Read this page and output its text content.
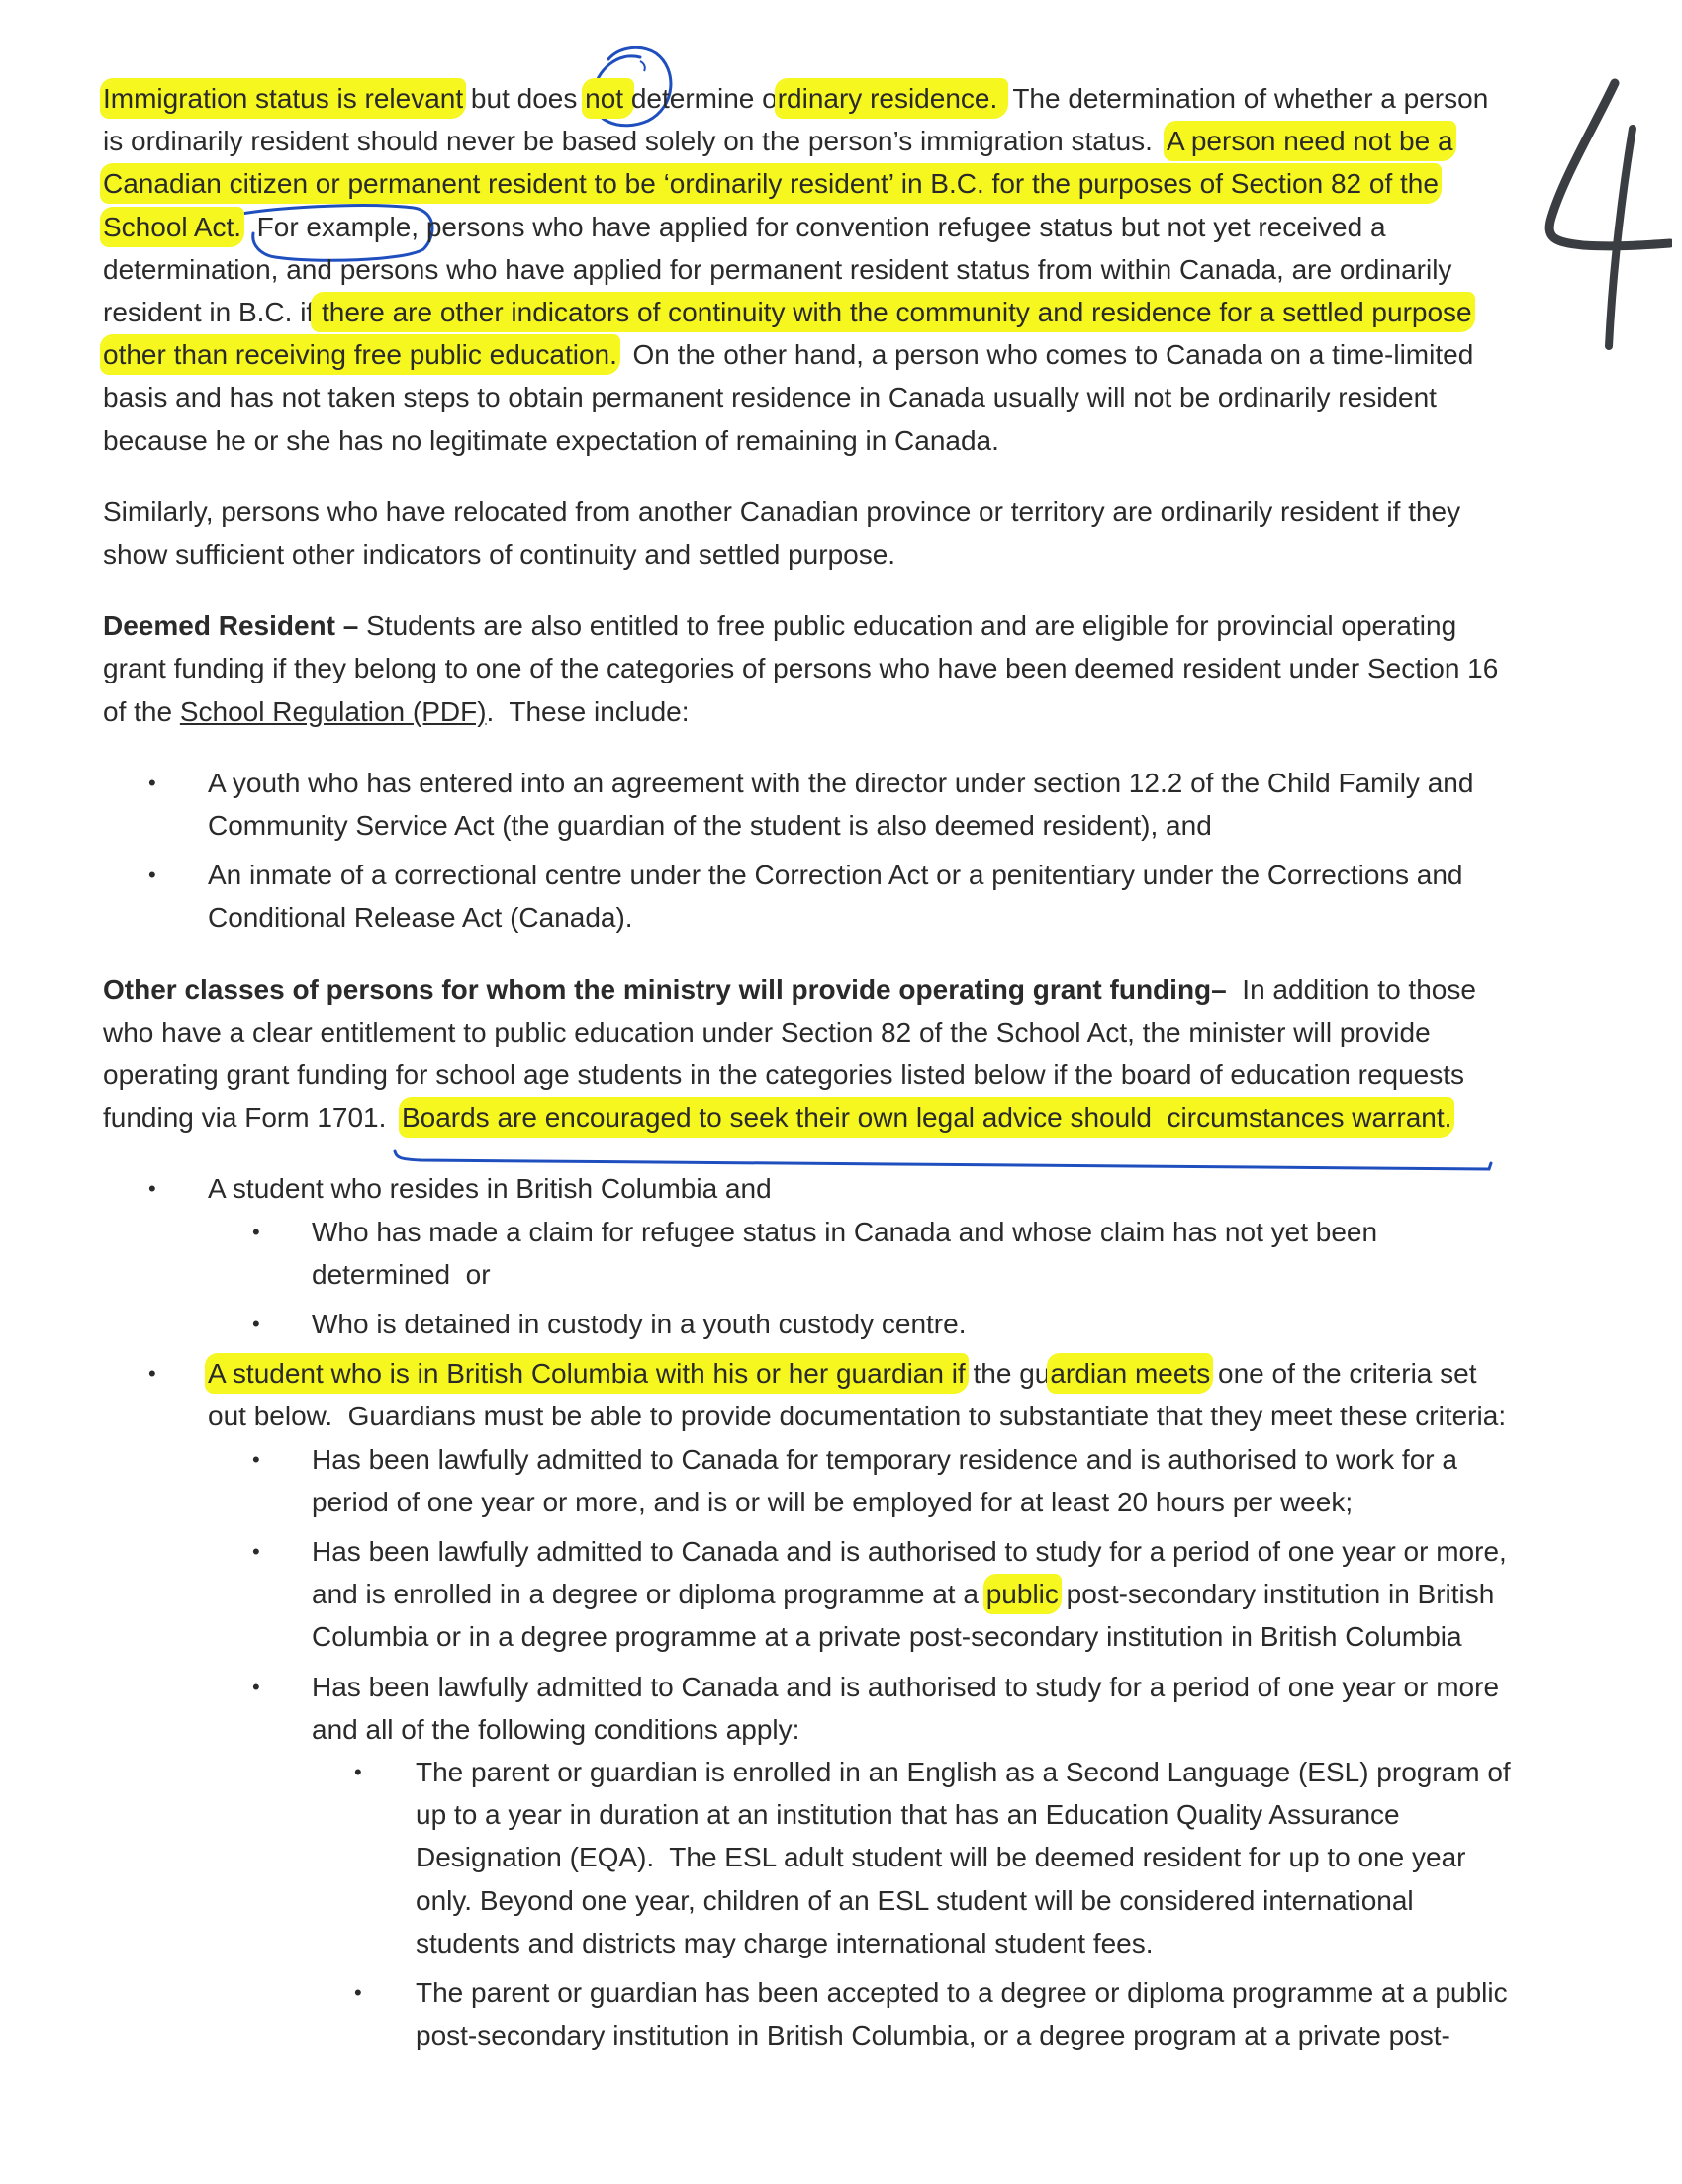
Immigration status is relevant but does not determine ordinary residence.  The determination of whether a person
is ordinarily resident should never be based solely on the person’s immigration status.  A person need not be a
Canadian citizen or permanent resident to be ‘ordinarily resident’ in B.C. for the purposes of Section 82 of the
School Act.  For example, persons who have applied for convention refugee status but not yet received a
determination, and persons who have applied for permanent resident status from within Canada, are ordinarily
resident in B.C. if there are other indicators of continuity with the community and residence for a settled purpose
other than receiving free public education.  On the other hand, a person who comes to Canada on a time-limited
basis and has not taken steps to obtain permanent residence in Canada usually will not be ordinarily resident
because he or she has no legitimate expectation of remaining in Canada.
Similarly, persons who have relocated from another Canadian province or territory are ordinarily resident if they
show sufficient other indicators of continuity and settled purpose.
Deemed Resident – Students are also entitled to free public education and are eligible for provincial operating
grant funding if they belong to one of the categories of persons who have been deemed resident under Section 16
of the School Regulation (PDF).  These include:
• A youth who has entered into an agreement with the director under section 12.2 of the Child Family and
Community Service Act (the guardian of the student is also deemed resident), and
• An inmate of a correctional centre under the Correction Act or a penitentiary under the Corrections and
Conditional Release Act (Canada).
Other classes of persons for whom the ministry will provide operating grant funding–  In addition to those
who have a clear entitlement to public education under Section 82 of the School Act, the minister will provide
operating grant funding for school age students in the categories listed below if the board of education requests
funding via Form 1701.  Boards are encouraged to seek their own legal advice should  circumstances warrant.
• A student who resides in British Columbia and
• Who has made a claim for refugee status in Canada and whose claim has not yet been
determined  or
• Who is detained in custody in a youth custody centre.
• A student who is in British Columbia with his or her guardian if the guardian meets one of the criteria set
out below.  Guardians must be able to provide documentation to substantiate that they meet these criteria:
• Has been lawfully admitted to Canada for temporary residence and is authorised to work for a
period of one year or more, and is or will be employed for at least 20 hours per week;
• Has been lawfully admitted to Canada and is authorised to study for a period of one year or more,
and is enrolled in a degree or diploma programme at a public post-secondary institution in British
Columbia or in a degree programme at a private post-secondary institution in British Columbia
• Has been lawfully admitted to Canada and is authorised to study for a period of one year or more
and all of the following conditions apply:
• The parent or guardian is enrolled in an English as a Second Language (ESL) program of
up to a year in duration at an institution that has an Education Quality Assurance
Designation (EQA).  The ESL adult student will be deemed resident for up to one year
only. Beyond one year, children of an ESL student will be considered international
students and districts may charge international student fees.
• The parent or guardian has been accepted to a degree or diploma programme at a public
post-secondary institution in British Columbia, or a degree program at a private post-
